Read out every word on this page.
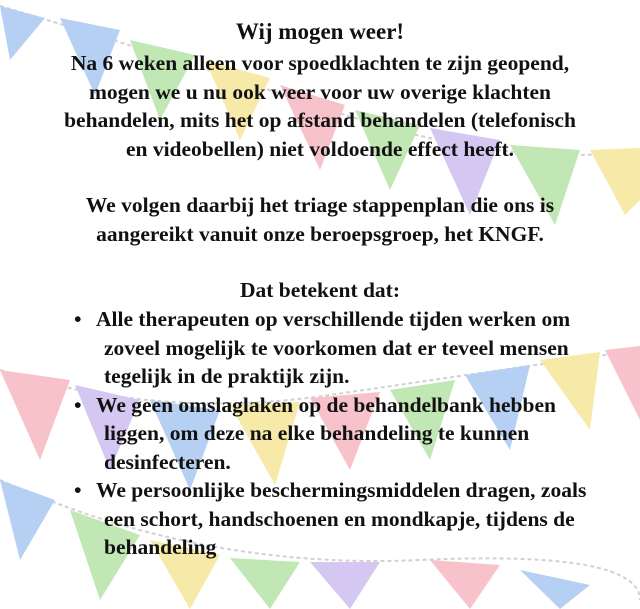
Wij mogen weer!

Na 6 weken alleen voor spoedklachten te zijn geopend, mogen we u nu ook weer voor uw overige klachten behandelen, mits het op afstand behandelen (telefonisch en videobellen) niet voldoende effect heeft.

We volgen daarbij het triage stappenplan die ons is aangereikt vanuit onze beroepsgroep, het KNGF.

Dat betekent dat:

• Alle therapeuten op verschillende tijden werken om zoveel mogelijk te voorkomen dat er teveel mensen tegelijk in de praktijk zijn.
• We geen omslaglaken op de behandelbank hebben liggen, om deze na elke behandeling te kunnen desinfecteren.
• We persoonlijke beschermingsmiddelen dragen, zoals een schort, handschoenen en mondkapje, tijdens de behandeling
